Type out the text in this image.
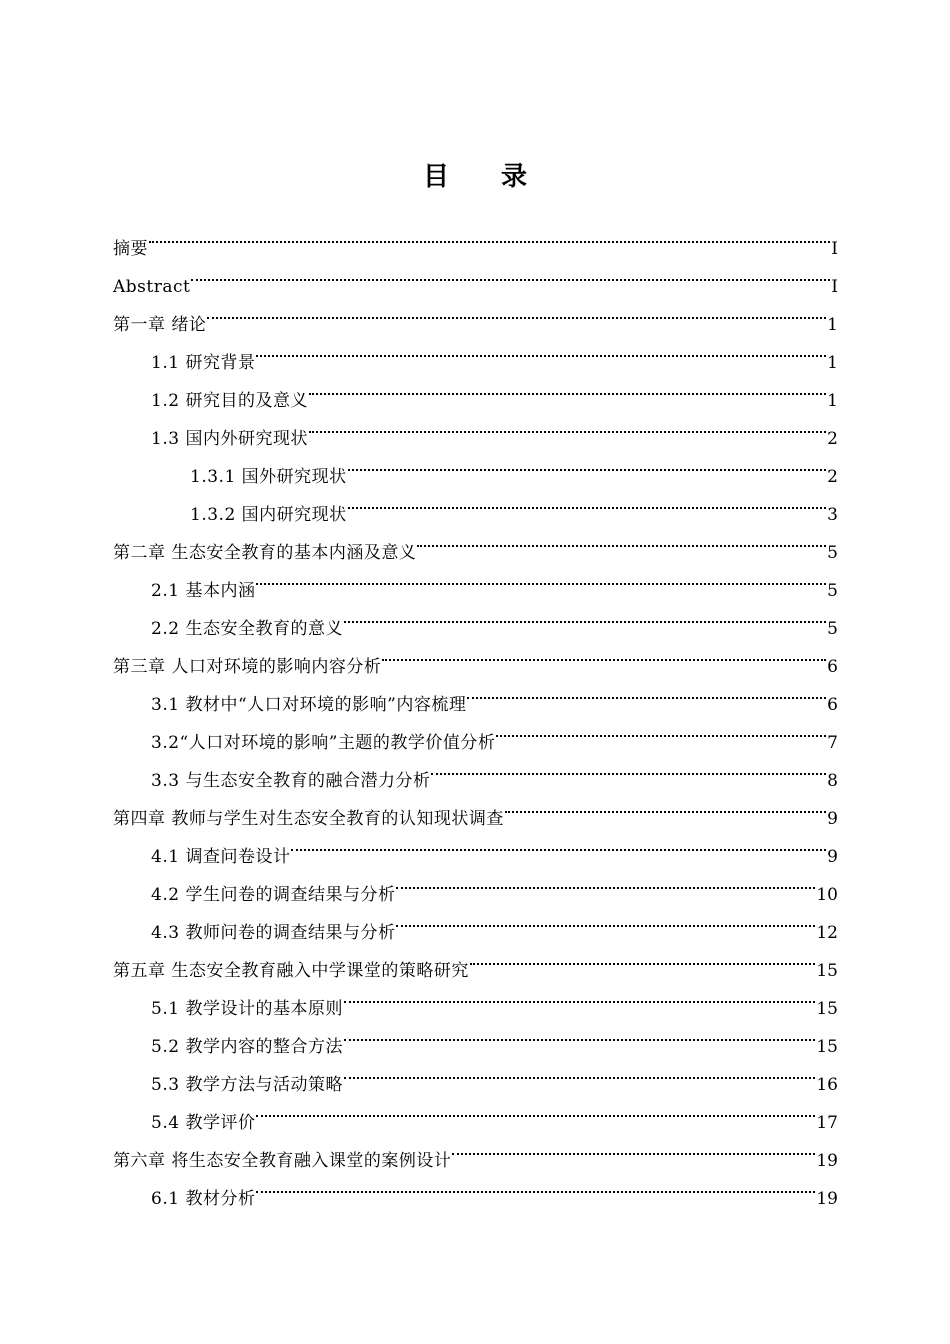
目 录
摘要	I
Abstract	I
第一章 绪论	1
1.1 研究背景	1
1.2 研究目的及意义	1
1.3 国内外研究现状	2
1.3.1 国外研究现状	2
1.3.2 国内研究现状	3
第二章 生态安全教育的基本内涵及意义	5
2.1 基本内涵	5
2.2 生态安全教育的意义	5
第三章 人口对环境的影响内容分析	6
3.1 教材中“人口对环境的影响”内容梳理	6
3.2“人口对环境的影响”主题的教学价值分析	7
3.3 与生态安全教育的融合潜力分析	8
第四章 教师与学生对生态安全教育的认知现状调查	9
4.1 调查问卷设计	9
4.2 学生问卷的调查结果与分析	10
4.3 教师问卷的调查结果与分析	12
第五章 生态安全教育融入中学课堂的策略研究	15
5.1 教学设计的基本原则	15
5.2 教学内容的整合方法	15
5.3 教学方法与活动策略	16
5.4 教学评价	17
第六章 将生态安全教育融入课堂的案例设计	19
6.1 教材分析	19
